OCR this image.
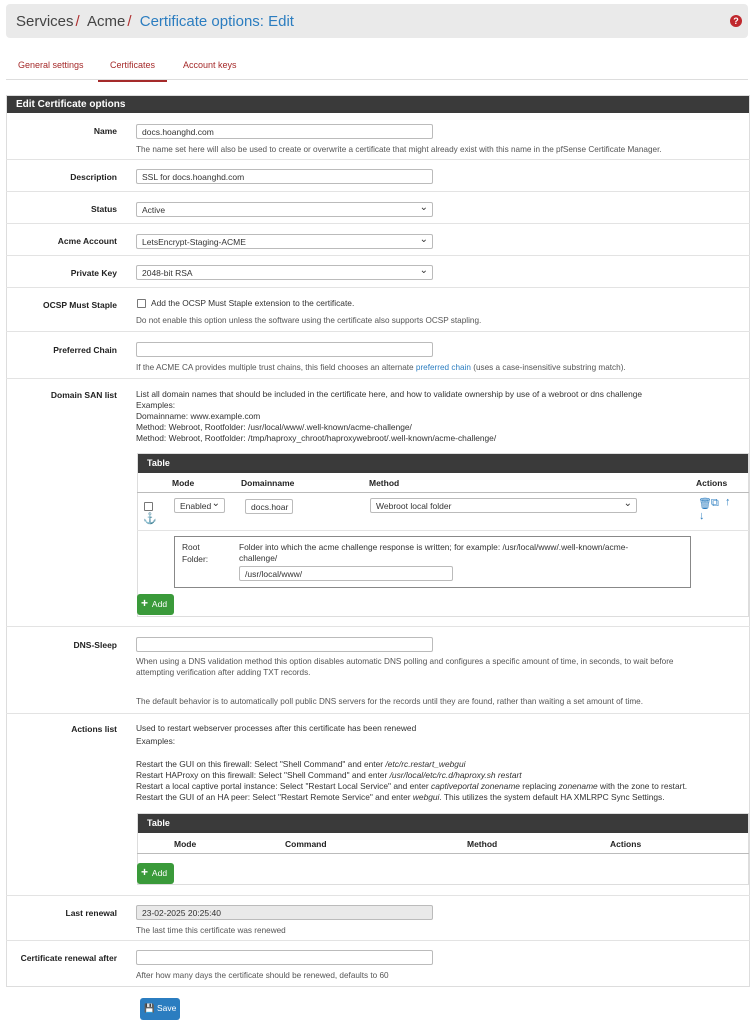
Services / Acme / Certificate options: Edit	?
General settings	Certificates	Account keys
Edit Certificate options
Name	docs.hoanghd.com
The name set here will also be used to create or overwrite a certificate that might already exist with this name in the pfSense Certificate Manager.
Description	SSL for docs.hoanghd.com
Status	Active ⌄
Acme Account	LetsEncrypt-Staging-ACME ⌄
Private Key	2048-bit RSA ⌄
OCSP Must Staple	Add the OCSP Must Staple extension to the certificate.
Do not enable this option unless the software using the certificate also supports OCSP stapling.
Preferred Chain
If the ACME CA provides multiple trust chains, this field chooses an alternate preferred chain (uses a case-insensitive substring match).
Domain SAN list List all domain names that should be included in the certificate here, and how to validate ownership by use of a webroot or dns challenge
Examples:
Domainname: www.example.com
Method: Webroot, Rootfolder: /usr/local/www/.well-known/acme-challenge/
Method: Webroot, Rootfolder: /tmp/haproxy_chroot/haproxywebroot/.well-known/acme-challenge/
Table
Mode	Domainname	Method	Actions
⚓
Enabled ⌄	docs.hoar	Webroot local folder ⌄	🗑 ⧉ ↑
↓
Root
Folder:
Folder into which the acme challenge response is written; for example: /usr/local/www/.well-known/acme-
challenge/
/usr/local/www/
+ Add
DNS-Sleep
When using a DNS validation method this option disables automatic DNS polling and configures a specific amount of time, in seconds, to wait before
attempting verification after adding TXT records.
The default behavior is to automatically poll public DNS servers for the records until they are found, rather than waiting a set amount of time.
Actions list Used to restart webserver processes after this certificate has been renewed
Examples:
Restart the GUI on this firewall: Select "Shell Command" and enter /etc/rc.restart_webgui
Restart HAProxy on this firewall: Select "Shell Command" and enter /usr/local/etc/rc.d/haproxy.sh restart
Restart a local captive portal instance: Select "Restart Local Service" and enter captiveportal zonename replacing zonename with the zone to restart.
Restart the GUI of an HA peer: Select "Restart Remote Service" and enter webgui. This utilizes the system default HA XMLRPC Sync Settings.
Table
Mode	Command	Method	Actions
+ Add
Last renewal	23-02-2025 20:25:40
The last time this certificate was renewed
Certificate renewal after
After how many days the certificate should be renewed, defaults to 60
💾 Save
